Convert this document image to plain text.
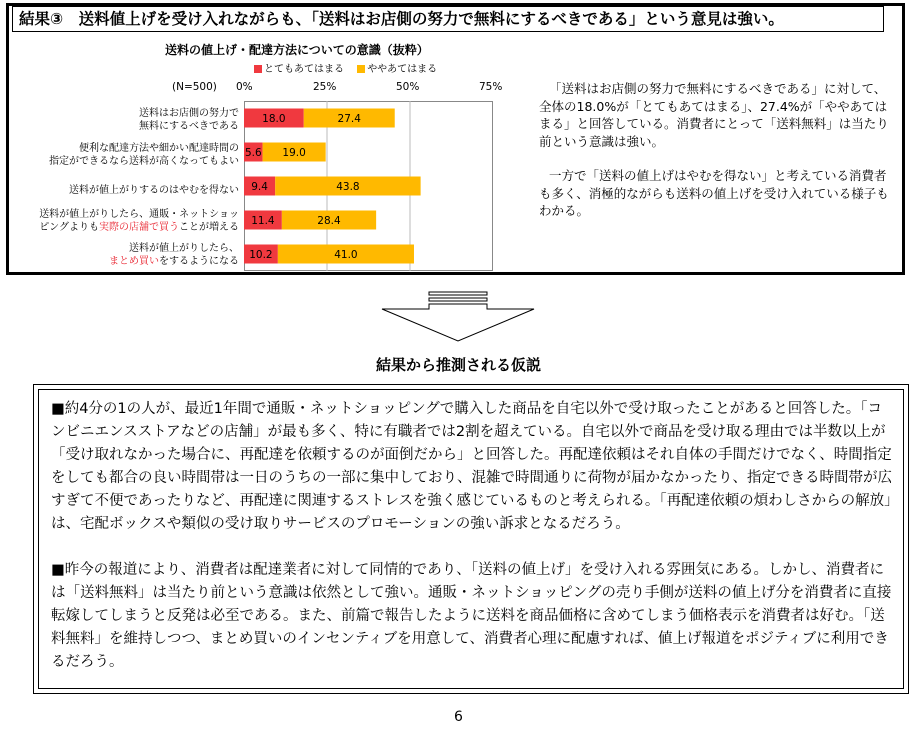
結果③　送料値上げを受け入れながらも、「送料はお店側の努力で無料にするべきである」という意見は強い。
送料の値上げ・配達方法についての意識（抜粋）
とてもあてはまる ややあてはまる
(N=500) 0%	25%	50%	75%
18.0	27.4
5.6 19.0
9.4	43.8
11.4	28.4
10.2	41.0
送料はお店側の努力で
無料にするべきである
便利な配達方法や細かい配達時間の
指定ができるなら送料が高くなってもよい
送料が値上がりするのはやむを得ない
送料が値上がりしたら、通販・ネットショッ
ピングよりも実際の店舗で買うことが増える
送料が値上がりしたら、
まとめ買いをするようになる

「送料はお店側の努力で無料にするべきである」に対して、全体の18.0%が「とてもあてはまる」、27.4%が「ややあてはまる」と回答している。消費者にとって「送料無料」は当たり前という意識は強い。

一方で「送料の値上げはやむを得ない」と考えている消費者も多く、消極的ながらも送料の値上げを受け入れている様子もわかる。

結果から推測される仮説

■約4分の1の人が、最近1年間で通販・ネットショッピングで購入した商品を自宅以外で受け取ったことがあると回答した。「コンビニエンスストアなどの店舗」が最も多く、特に有職者では2割を超えている。自宅以外で商品を受け取る理由では半数以上が「受け取れなかった場合に、再配達を依頼するのが面倒だから」と回答した。再配達依頼はそれ自体の手間だけでなく、時間指定をしても都合の良い時間帯は一日のうちの一部に集中しており、混雑で時間通りに荷物が届かなかったり、指定できる時間帯が広すぎて不便であったりなど、再配達に関連するストレスを強く感じているものと考えられる。「再配達依頼の煩わしさからの解放」は、宅配ボックスや類似の受け取りサービスのプロモーションの強い訴求となるだろう。

■昨今の報道により、消費者は配達業者に対して同情的であり、「送料の値上げ」を受け入れる雰囲気にある。しかし、消費者には「送料無料」は当たり前という意識は依然として強い。通販・ネットショッピングの売り手側が送料の値上げ分を消費者に直接転嫁してしまうと反発は必至である。また、前篇で報告したように送料を商品価格に含めてしまう価格表示を消費者は好む。「送料無料」を維持しつつ、まとめ買いのインセンティブを用意して、消費者心理に配慮すれば、値上げ報道をポジティブに利用できるだろう。

6
